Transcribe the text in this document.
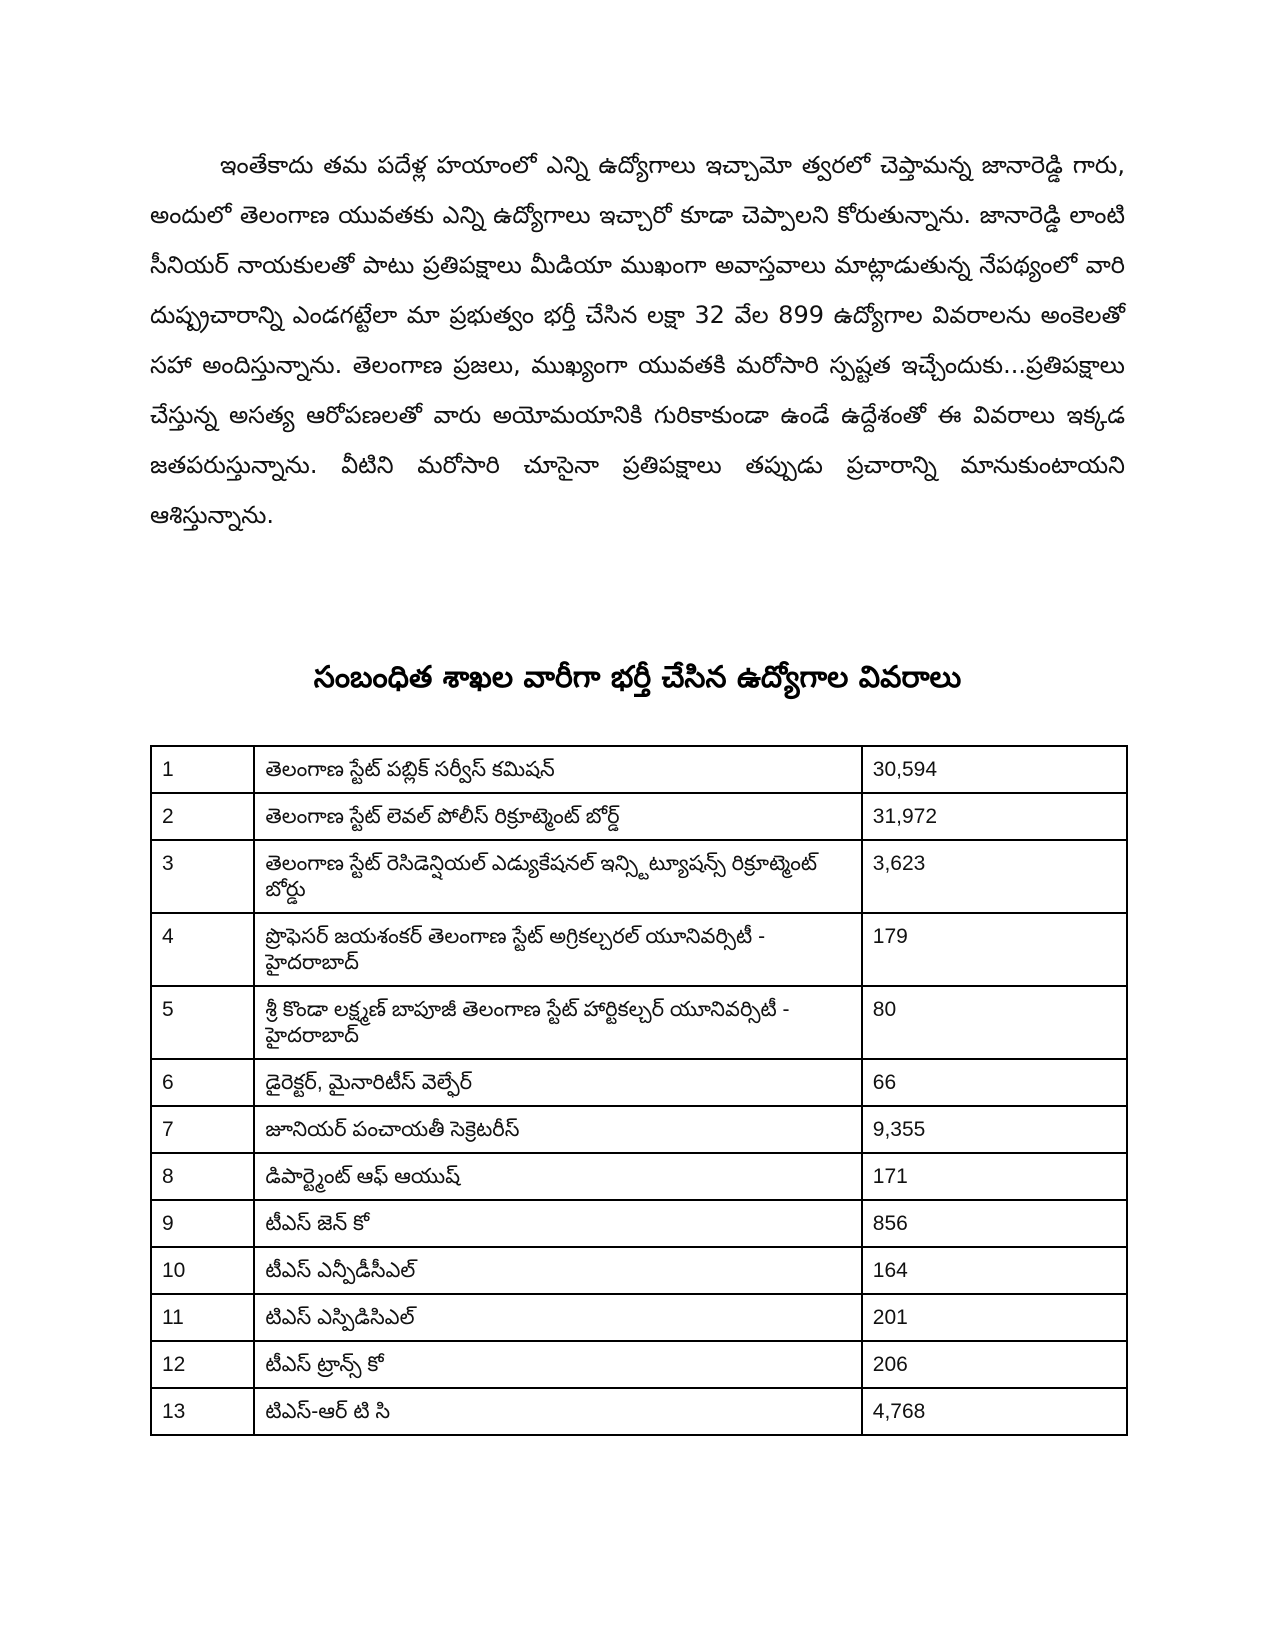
ఇంతేకాదు తమ పదేళ్ల హయాంలో ఎన్ని ఉద్యోగాలు ఇచ్చామో త్వరలో చెప్తామన్న జానారెడ్డి గారు, అందులో తెలంగాణ యువతకు ఎన్ని ఉద్యోగాలు ఇచ్చారో కూడా చెప్పాలని కోరుతున్నాను. జానారెడ్డి లాంటి సీనియర్ నాయకులతో పాటు ప్రతిపక్షాలు మీడియా ముఖంగా అవాస్తవాలు మాట్లాడుతున్న నేపథ్యంలో వారి దుష్ప్రచారాన్ని ఎండగట్టేలా మా ప్రభుత్వం భర్తీ చేసిన లక్షా 32 వేల 899 ఉద్యోగాల వివరాలను అంకెలతో సహా అందిస్తున్నాను. తెలంగాణ ప్రజలు, ముఖ్యంగా యువతకి మరోసారి స్పష్టత ఇచ్చేందుకు...ప్రతిపక్షాలు చేస్తున్న అసత్య ఆరోపణలతో వారు అయోమయానికి గురికాకుండా ఉండే ఉద్దేశంతో ఈ వివరాలు ఇక్కడ జతపరుస్తున్నాను. వీటిని మరోసారి చూసైనా ప్రతిపక్షాలు తప్పుడు ప్రచారాన్ని మానుకుంటాయని ఆశిస్తున్నాను.

సంబంధిత శాఖల వారీగా భర్తీ చేసిన ఉద్యోగాల వివరాలు
1	తెలంగాణ స్టేట్ పబ్లిక్ సర్వీస్ కమిషన్	30,594
2	తెలంగాణ స్టేట్ లెవల్ పోలీస్ రిక్రూట్మెంట్ బోర్డ్	31,972
3	తెలంగాణ స్టేట్ రెసిడెన్షియల్ ఎడ్యుకేషనల్ ఇన్స్టిట్యూషన్స్ రిక్రూట్మెంట్ బోర్డు	3,623
4	ప్రొఫెసర్ జయశంకర్ తెలంగాణ స్టేట్ అగ్రికల్చరల్ యూనివర్సిటీ - హైదరాబాద్	179
5	శ్రీ కొండా లక్ష్మణ్ బాపూజీ తెలంగాణ స్టేట్ హార్టికల్చర్ యూనివర్సిటీ - హైదరాబాద్	80
6	డైరెక్టర్, మైనారిటీస్ వెల్ఫేర్	66
7	జూనియర్ పంచాయతీ సెక్రెటరీస్	9,355
8	డిపార్ట్మెంట్ ఆఫ్ ఆయుష్	171
9	టీఎస్ జెన్ కో	856
10	టీఎస్ ఎన్పీడీసీఎల్	164
11	టిఎస్ ఎస్పిడిసిఎల్	201
12	టీఎస్ ట్రాన్స్ కో	206
13	టిఎస్-ఆర్ టి సి	4,768
